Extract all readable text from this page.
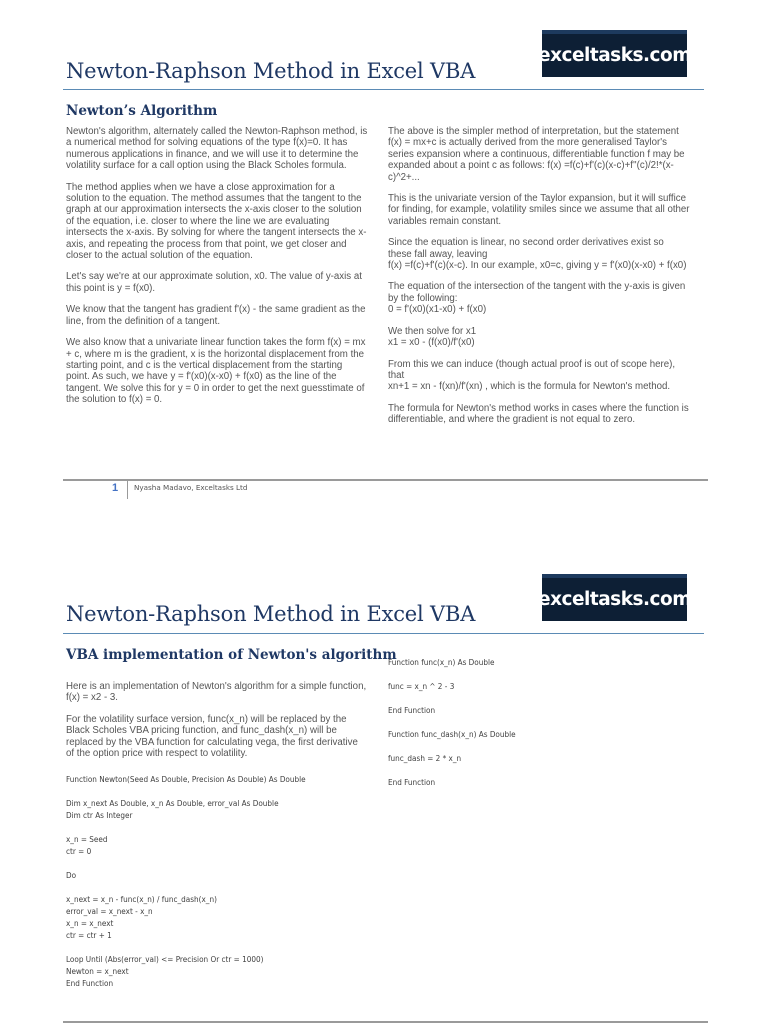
Newton-Raphson Method in Excel VBA
exceltasks.com
Newton’s Algorithm

Newton's algorithm, alternately called the Newton-Raphson method, is
a numerical method for solving equations of the type f(x)=0. It has
numerous applications in finance, and we will use it to determine the
volatility surface for a call option using the Black Scholes formula.

The method applies when we have a close approximation for a
solution to the equation. The method assumes that the tangent to the
graph at our approximation intersects the x-axis closer to the solution
of the equation, i.e. closer to where the line we are evaluating
intersects the x-axis. By solving for where the tangent intersects the x-
axis, and repeating the process from that point, we get closer and
closer to the actual solution of the equation.

Let's say we're at our approximate solution, x0. The value of y-axis at
this point is y = f(x0).

We know that the tangent has gradient f'(x) - the same gradient as the
line, from the definition of a tangent.

We also know that a univariate linear function takes the form f(x) = mx
+ c, where m is the gradient, x is the horizontal displacement from the
starting point, and c is the vertical displacement from the starting
point. As such, we have y = f'(x0)(x-x0) + f(x0) as the line of the
tangent. We solve this for y = 0 in order to get the next guesstimate of
the solution to f(x) = 0.

The above is the simpler method of interpretation, but the statement
f(x) = mx+c is actually derived from the more generalised Taylor's
series expansion where a continuous, differentiable function f may be
expanded about a point c as follows: f(x) =f(c)+f'(c)(x-c)+f''(c)/2!*(x-
c)^2+...

This is the univariate version of the Taylor expansion, but it will suffice
for finding, for example, volatility smiles since we assume that all other
variables remain constant.

Since the equation is linear, no second order derivatives exist so
these fall away, leaving
f(x) =f(c)+f'(c)(x-c). In our example, x0=c, giving y = f'(x0)(x-x0) + f(x0)

The equation of the intersection of the tangent with the y-axis is given
by the following:
0 = f'(x0)(x1-x0) + f(x0)

We then solve for x1
x1 = x0 - (f(x0)/f'(x0)

From this we can induce (though actual proof is out of scope here),
that
xn+1 = xn - f(xn)/f'(xn) , which is the formula for Newton's method.

The formula for Newton's method works in cases where the function is
differentiable, and where the gradient is not equal to zero.

1 Nyasha Madavo, Exceltasks Ltd
Newton-Raphson Method in Excel VBA
exceltasks.com
VBA implementation of Newton's algorithm

Here is an implementation of Newton's algorithm for a simple function,
f(x) = x2 - 3.

For the volatility surface version, func(x_n) will be replaced by the
Black Scholes VBA pricing function, and func_dash(x_n) will be
replaced by the VBA function for calculating vega, the first derivative
of the option price with respect to volatility.

Function Newton(Seed As Double, Precision As Double) As Double

Dim x_next As Double, x_n As Double, error_val As Double

Dim ctr As Integer

x_n = Seed

ctr = 0

Do

x_next = x_n - func(x_n) / func_dash(x_n)

error_val = x_next - x_n

x_n = x_next

ctr = ctr + 1

Loop Until (Abs(error_val) <= Precision Or ctr = 1000)

Newton = x_next

End Function

Function func(x_n) As Double

func = x_n ^ 2 - 3

End Function

Function func_dash(x_n) As Double

func_dash = 2 * x_n

End Function
